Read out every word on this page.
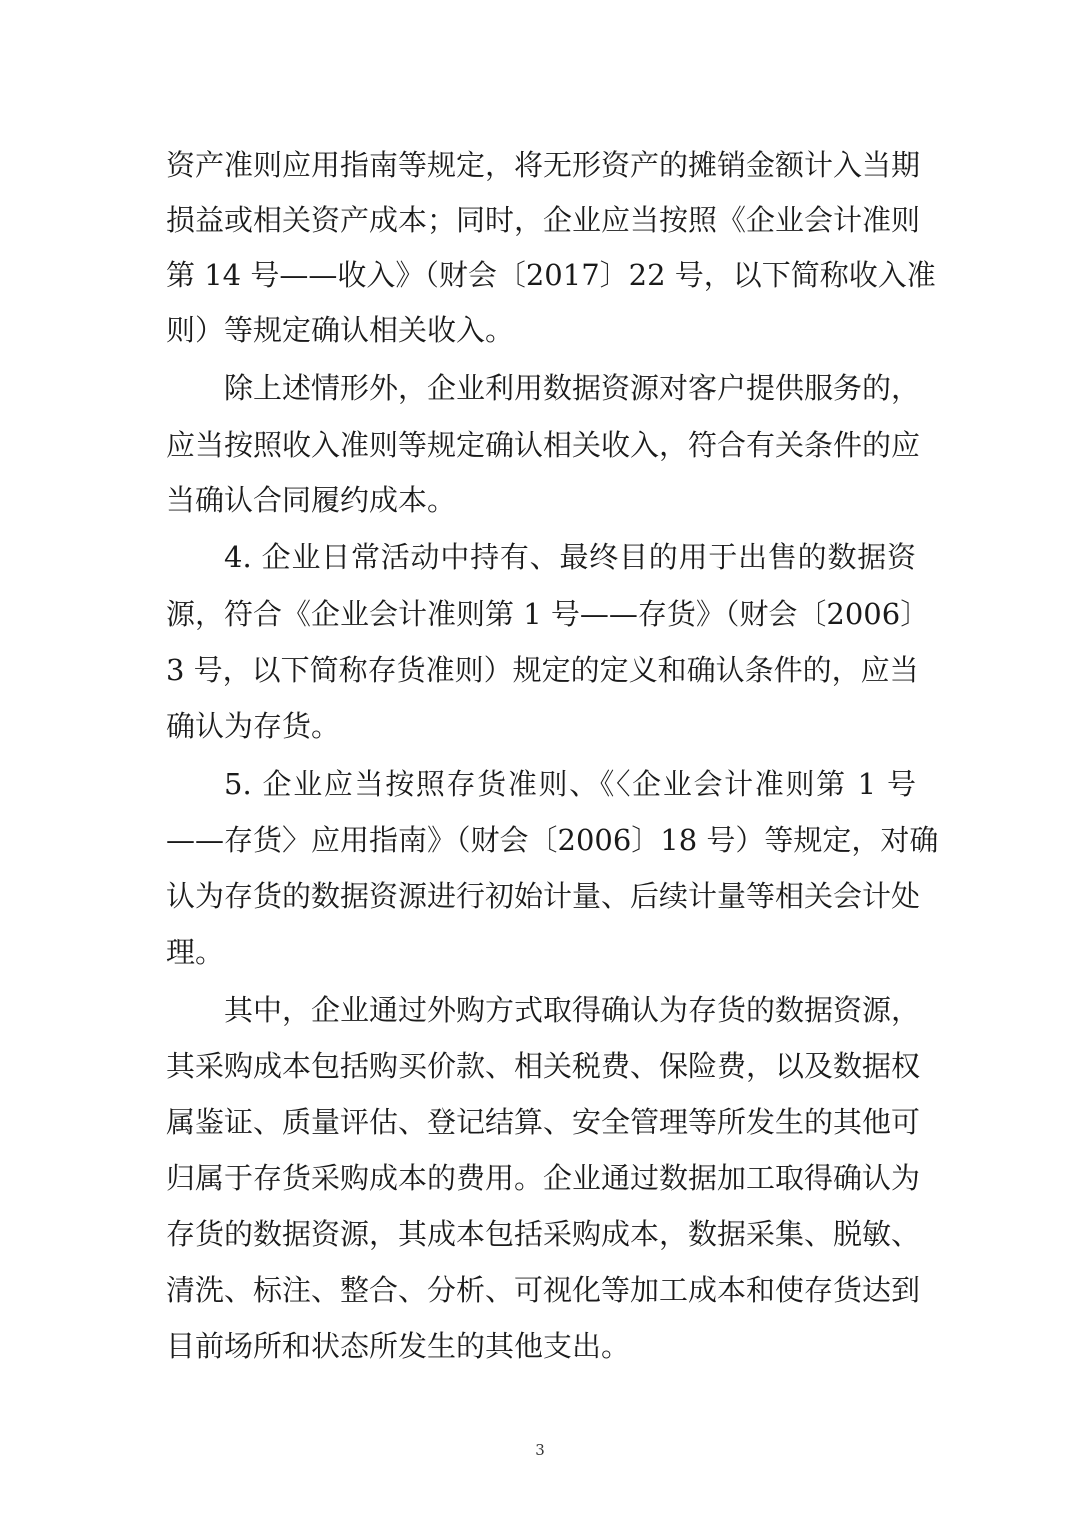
资产准则应用指南等规定，将无形资产的摊销金额计入当期
损益或相关资产成本；同时，企业应当按照《企业会计准则
第 14 号——收入》（财会〔2017〕22 号，以下简称收入准
则）等规定确认相关收入。
除上述情形外，企业利用数据资源对客户提供服务的，
应当按照收入准则等规定确认相关收入，符合有关条件的应
当确认合同履约成本。
4. 企业日常活动中持有、最终目的用于出售的数据资
源，符合《企业会计准则第 1 号——存货》（财会〔2006〕
3 号，以下简称存货准则）规定的定义和确认条件的，应当
确认为存货。
5. 企业应当按照存货准则、《〈企业会计准则第 1 号
——存货〉应用指南》（财会〔2006〕18 号）等规定，对确
认为存货的数据资源进行初始计量、后续计量等相关会计处
理。
其中，企业通过外购方式取得确认为存货的数据资源，
其采购成本包括购买价款、相关税费、保险费，以及数据权
属鉴证、质量评估、登记结算、安全管理等所发生的其他可
归属于存货采购成本的费用。企业通过数据加工取得确认为
存货的数据资源，其成本包括采购成本，数据采集、脱敏、
清洗、标注、整合、分析、可视化等加工成本和使存货达到
目前场所和状态所发生的其他支出。
3
